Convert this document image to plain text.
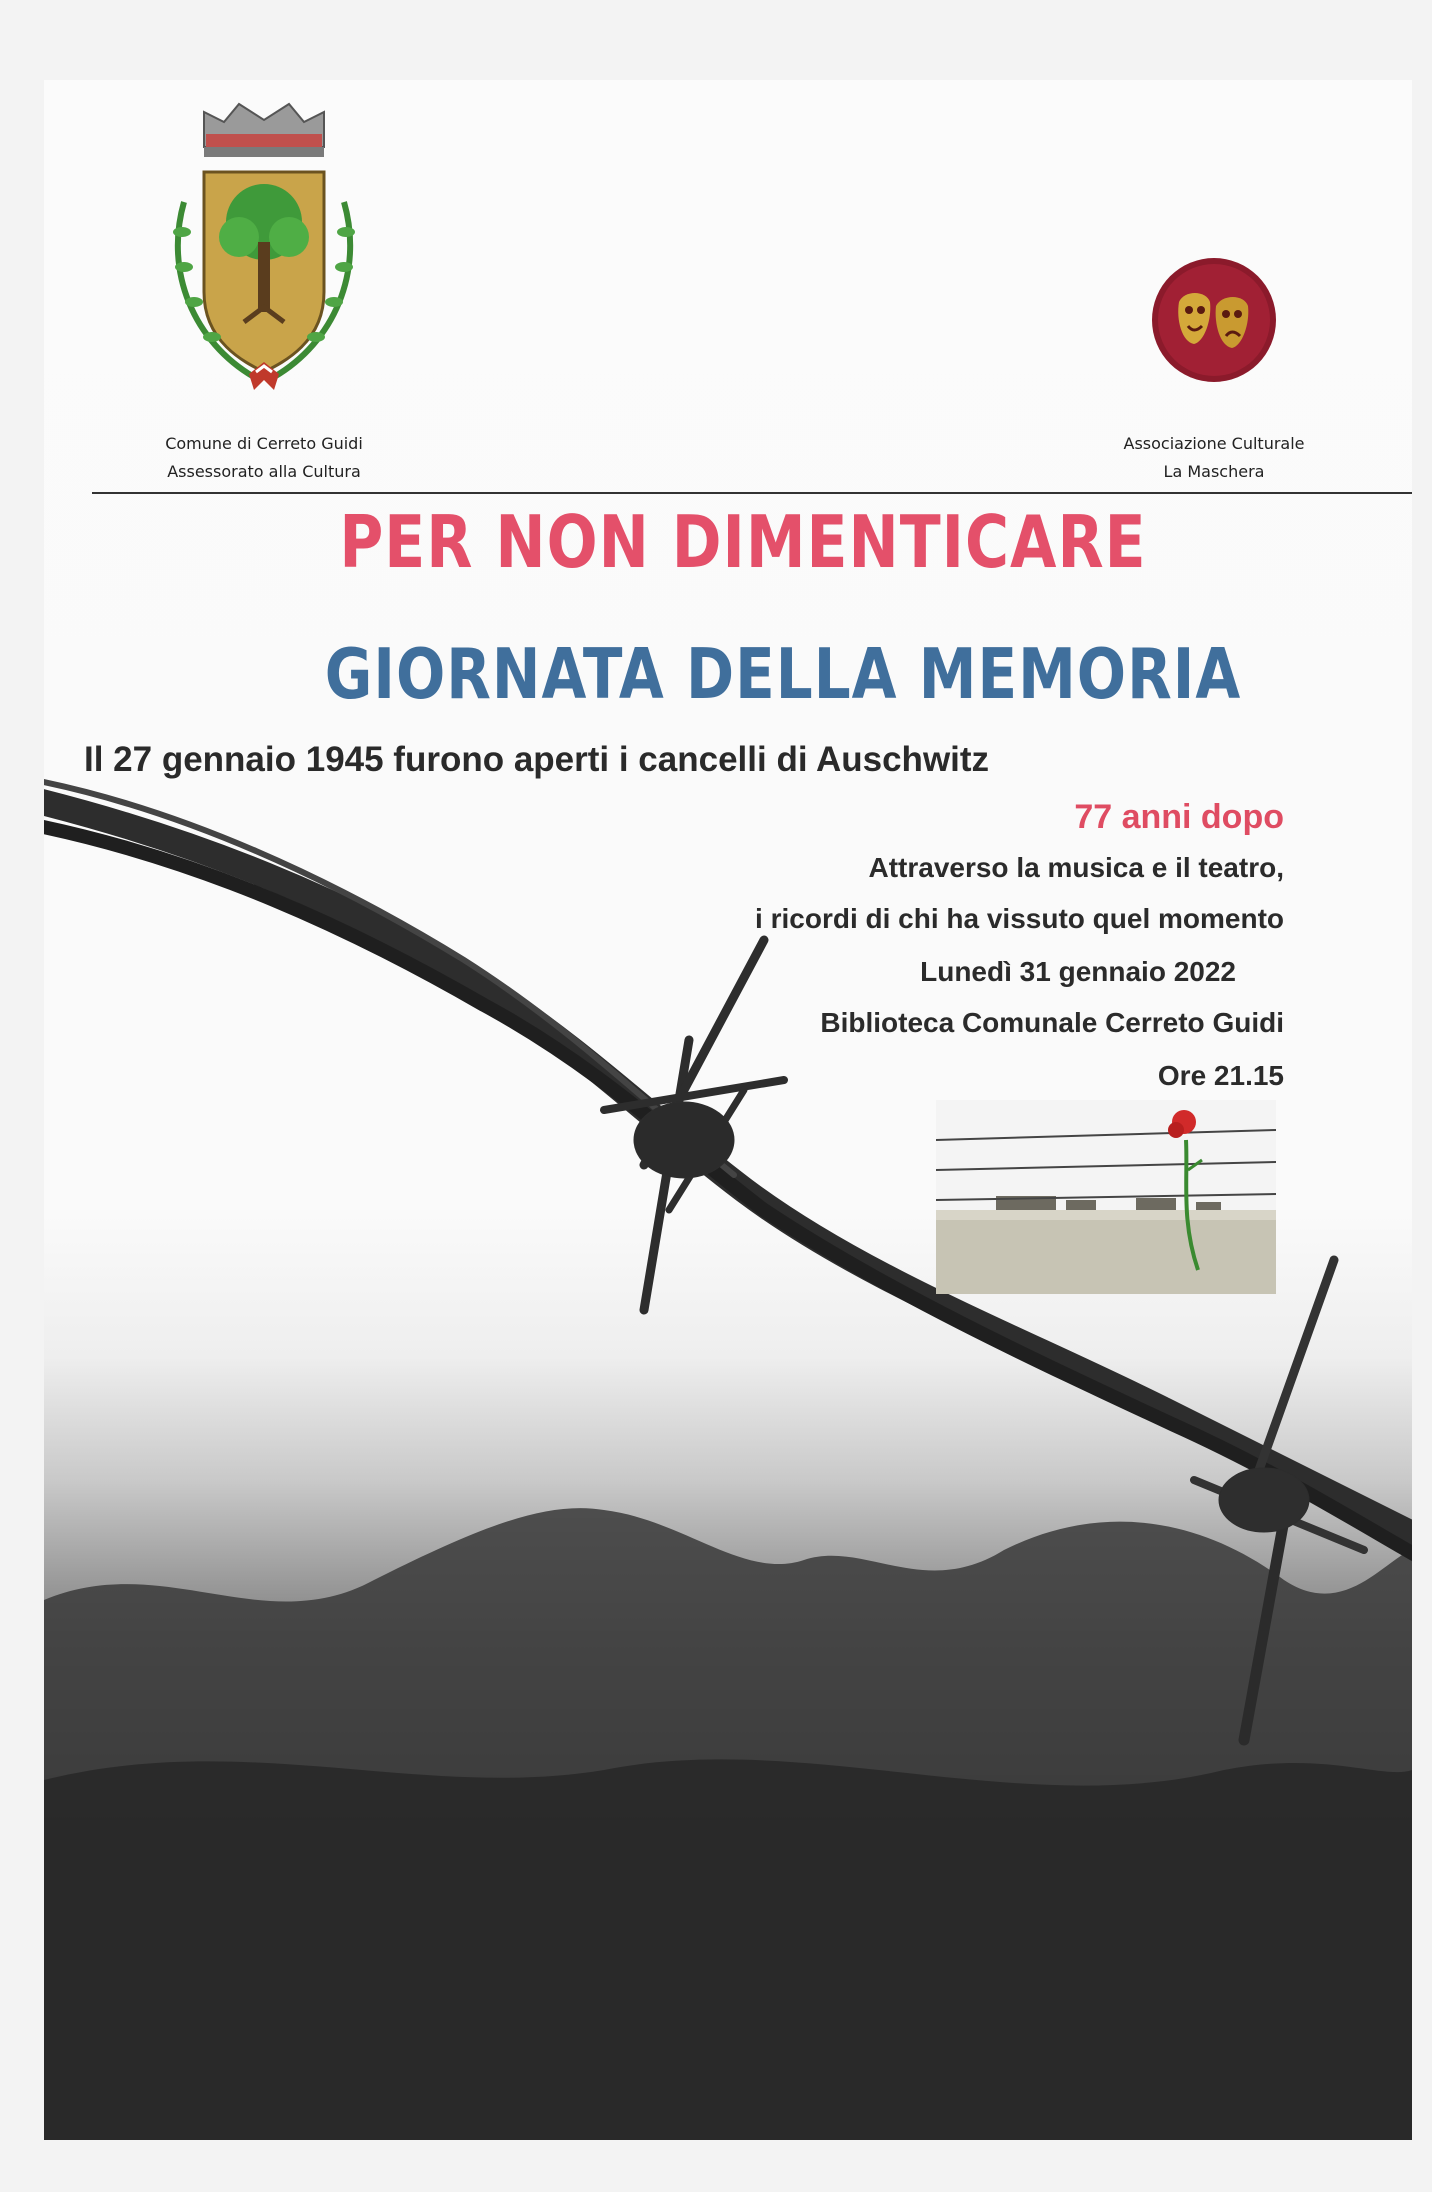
Comune di Cerreto Guidi
Assessorato alla Cultura
Associazione Culturale
La Maschera
PER NON DIMENTICARE
GIORNATA DELLA MEMORIA
Il 27 gennaio 1945 furono aperti i cancelli di Auschwitz
77 anni dopo
Attraverso la musica e il teatro,
i ricordi di chi ha vissuto quel momento
Lunedì 31 gennaio 2022
Biblioteca Comunale Cerreto Guidi
Ore 21.15
